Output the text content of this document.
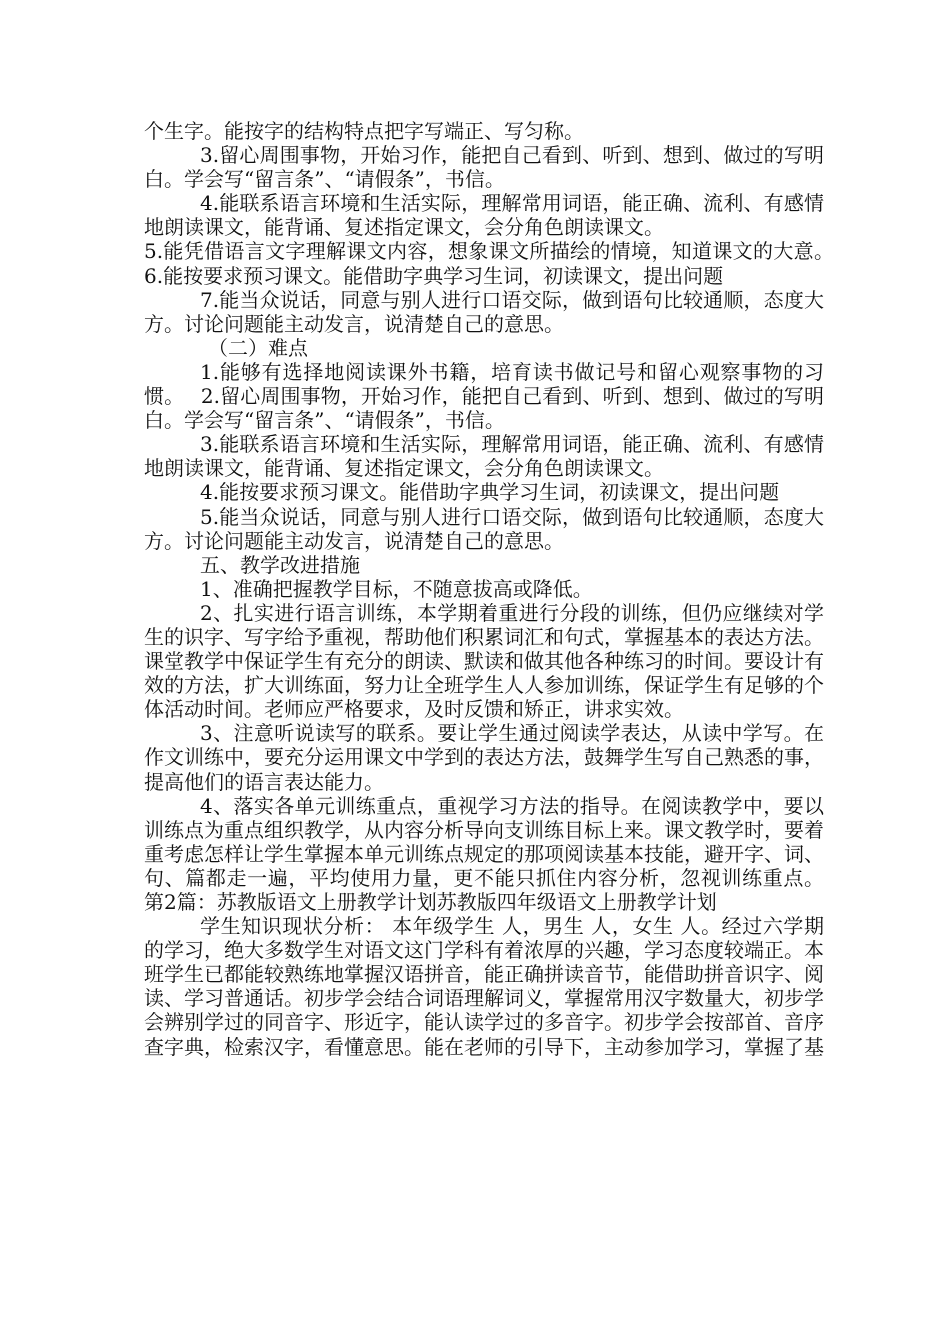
个生字。能按字的结构特点把字写端正、写匀称。

3.留心周围事物，开始习作，能把自己看到、听到、想到、做过的写明白。学会写“留言条”、“请假条”，书信。

4.能联系语言环境和生活实际，理解常用词语，能正确、流利、有感情地朗读课文，能背诵、复述指定课文，会分角色朗读课文。

5.能凭借语言文字理解课文内容，想象课文所描绘的情境，知道课文的大意。　 6.能按要求预习课文。能借助字典学习生词，初读课文，提出问题

7.能当众说话，同意与别人进行口语交际，做到语句比较通顺，态度大方。讨论问题能主动发言，说清楚自己的意思。

（二）难点

1.能够有选择地阅读课外书籍，培育读书做记号和留心观察事物的习惯。　 2.留心周围事物，开始习作，能把自己看到、听到、想到、做过的写明白。学会写“留言条”、“请假条”，书信。

3.能联系语言环境和生活实际，理解常用词语，能正确、流利、有感情地朗读课文，能背诵、复述指定课文，会分角色朗读课文。

4.能按要求预习课文。能借助字典学习生词，初读课文，提出问题

5.能当众说话，同意与别人进行口语交际，做到语句比较通顺，态度大方。讨论问题能主动发言，说清楚自己的意思。

五、教学改进措施

1、准确把握教学目标，不随意拔高或降低。

2、扎实进行语言训练，本学期着重进行分段的训练，但仍应继续对学生的识字、写字给予重视，帮助他们积累词汇和句式，掌握基本的表达方法。课堂教学中保证学生有充分的朗读、默读和做其他各种练习的时间。要设计有效的方法，扩大训练面，努力让全班学生人人参加训练，保证学生有足够的个体活动时间。老师应严格要求，及时反馈和矫正，讲求实效。

3、注意听说读写的联系。要让学生通过阅读学表达，从读中学写。在作文训练中，要充分运用课文中学到的表达方法，鼓舞学生写自己熟悉的事，提高他们的语言表达能力。

4、落实各单元训练重点，重视学习方法的指导。在阅读教学中，要以训练点为重点组织教学，从内容分析导向支训练目标上来。课文教学时，要着重考虑怎样让学生掌握本单元训练点规定的那项阅读基本技能，避开字、词、句、篇都走一遍，平均使用力量，更不能只抓住内容分析，忽视训练重点。 第2篇：苏教版语文上册教学计划苏教版四年级语文上册教学计划

学生知识现状分析： 本年级学生 人，男生 人，女生 人。经过六学期的学习，绝大多数学生对语文这门学科有着浓厚的兴趣，学习态度较端正。本班学生已都能较熟练地掌握汉语拼音，能正确拼读音节，能借助拼音识字、阅读、学习普通话。初步学会结合词语理解词义，掌握常用汉字数量大，初步学会辨别学过的同音字、形近字，能认读学过的多音字。初步学会按部首、音序查字典，检索汉字，看懂意思。能在老师的引导下，主动参加学习，掌握了基
